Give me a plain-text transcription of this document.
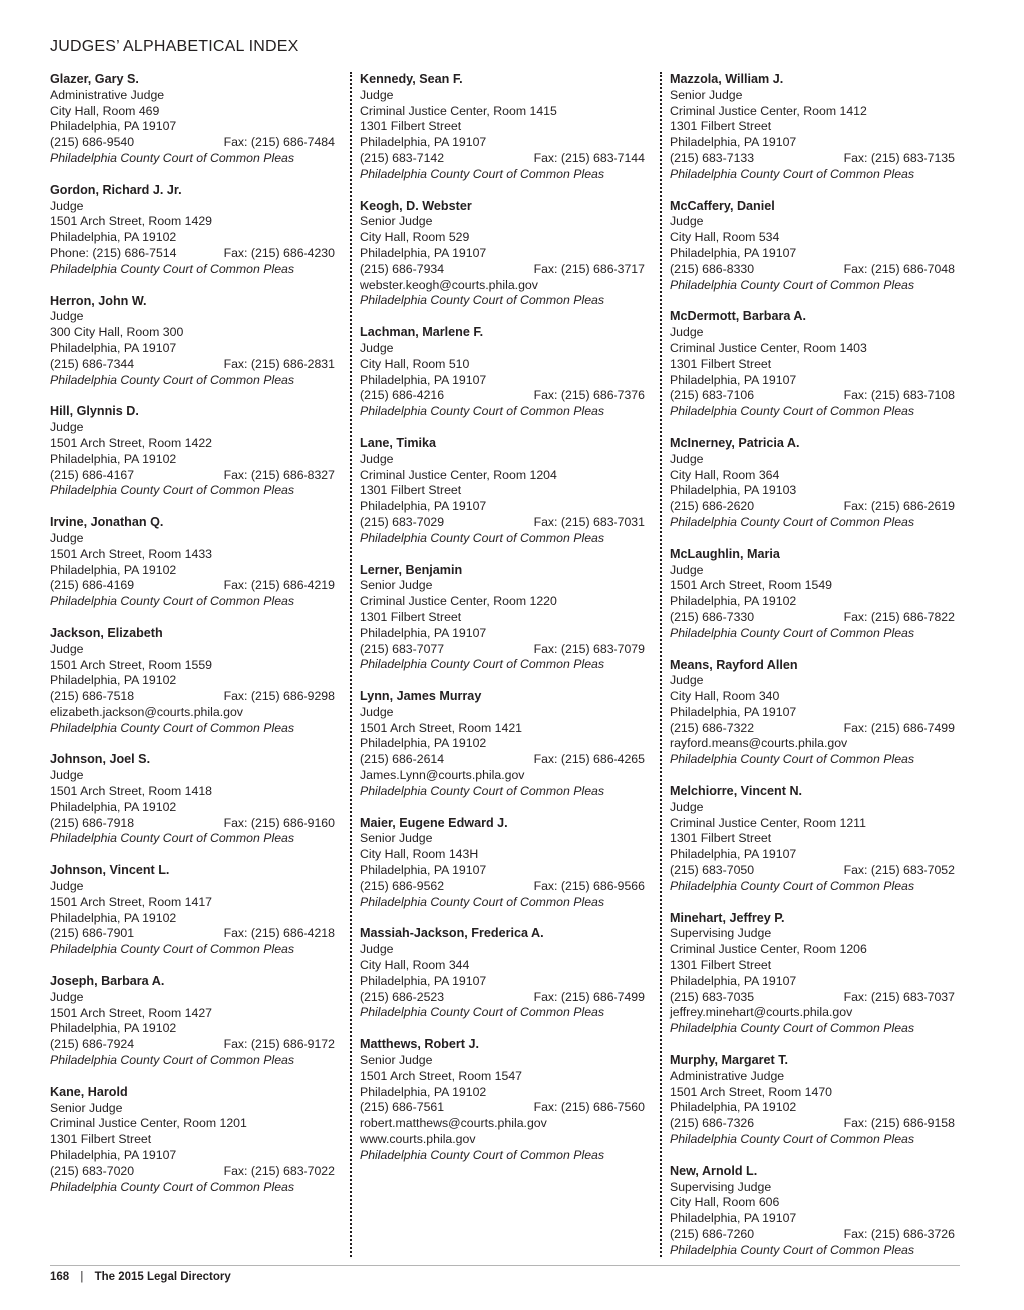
JUDGES’ ALPHABETICAL INDEX
Glazer, Gary S.
Administrative Judge
City Hall, Room 469
Philadelphia, PA 19107
(215) 686-9540	Fax: (215) 686-7484
Philadelphia County Court of Common Pleas
Gordon, Richard J. Jr.
Judge
1501 Arch Street, Room 1429
Philadelphia, PA 19102
Phone: (215) 686-7514	Fax: (215) 686-4230
Philadelphia County Court of Common Pleas
Herron, John W.
Judge
300 City Hall, Room 300
Philadelphia, PA 19107
(215) 686-7344	Fax: (215) 686-2831
Philadelphia County Court of Common Pleas
Hill, Glynnis D.
Judge
1501 Arch Street, Room 1422
Philadelphia, PA 19102
(215) 686-4167	Fax: (215) 686-8327
Philadelphia County Court of Common Pleas
Irvine, Jonathan Q.
Judge
1501 Arch Street, Room 1433
Philadelphia, PA 19102
(215) 686-4169	Fax: (215) 686-4219
Philadelphia County Court of Common Pleas
Jackson, Elizabeth
Judge
1501 Arch Street, Room 1559
Philadelphia, PA 19102
(215) 686-7518	Fax: (215) 686-9298
elizabeth.jackson@courts.phila.gov
Philadelphia County Court of Common Pleas
Johnson, Joel S.
Judge
1501 Arch Street, Room 1418
Philadelphia, PA 19102
(215) 686-7918	Fax: (215) 686-9160
Philadelphia County Court of Common Pleas
Johnson, Vincent L.
Judge
1501 Arch Street, Room 1417
Philadelphia, PA 19102
(215) 686-7901	Fax: (215) 686-4218
Philadelphia County Court of Common Pleas
Joseph, Barbara A.
Judge
1501 Arch Street, Room 1427
Philadelphia, PA 19102
(215) 686-7924	Fax: (215) 686-9172
Philadelphia County Court of Common Pleas
Kane, Harold
Senior Judge
Criminal Justice Center, Room 1201
1301 Filbert Street
Philadelphia, PA 19107
(215) 683-7020	Fax: (215) 683-7022
Philadelphia County Court of Common Pleas
Kennedy, Sean F.
Judge
Criminal Justice Center, Room 1415
1301 Filbert Street
Philadelphia, PA 19107
(215) 683-7142	Fax: (215) 683-7144
Philadelphia County Court of Common Pleas
Keogh, D. Webster
Senior Judge
City Hall, Room 529
Philadelphia, PA 19107
(215) 686-7934	Fax: (215) 686-3717
webster.keogh@courts.phila.gov
Philadelphia County Court of Common Pleas
Lachman, Marlene F.
Judge
City Hall, Room 510
Philadelphia, PA 19107
(215) 686-4216	Fax: (215) 686-7376
Philadelphia County Court of Common Pleas
Lane, Timika
Judge
Criminal Justice Center, Room 1204
1301 Filbert Street
Philadelphia, PA 19107
(215) 683-7029	Fax: (215) 683-7031
Philadelphia County Court of Common Pleas
Lerner, Benjamin
Senior Judge
Criminal Justice Center, Room 1220
1301 Filbert Street
Philadelphia, PA 19107
(215) 683-7077	Fax: (215) 683-7079
Philadelphia County Court of Common Pleas
Lynn, James Murray
Judge
1501 Arch Street, Room 1421
Philadelphia, PA 19102
(215) 686-2614	Fax: (215) 686-4265
James.Lynn@courts.phila.gov
Philadelphia County Court of Common Pleas
Maier, Eugene Edward J.
Senior Judge
City Hall, Room 143H
Philadelphia, PA 19107
(215) 686-9562	Fax: (215) 686-9566
Philadelphia County Court of Common Pleas
Massiah-Jackson, Frederica A.
Judge
City Hall, Room 344
Philadelphia, PA 19107
(215) 686-2523	Fax: (215) 686-7499
Philadelphia County Court of Common Pleas
Matthews, Robert J.
Senior Judge
1501 Arch Street, Room 1547
Philadelphia, PA 19102
(215) 686-7561	Fax: (215) 686-7560
robert.matthews@courts.phila.gov
www.courts.phila.gov
Philadelphia County Court of Common Pleas
Mazzola, William J.
Senior Judge
Criminal Justice Center, Room 1412
1301 Filbert Street
Philadelphia, PA 19107
(215) 683-7133	Fax: (215) 683-7135
Philadelphia County Court of Common Pleas
McCaffery, Daniel
Judge
City Hall, Room 534
Philadelphia, PA 19107
(215) 686-8330	Fax: (215) 686-7048
Philadelphia County Court of Common Pleas
McDermott, Barbara A.
Judge
Criminal Justice Center, Room 1403
1301 Filbert Street
Philadelphia, PA 19107
(215) 683-7106	Fax: (215) 683-7108
Philadelphia County Court of Common Pleas
McInerney, Patricia A.
Judge
City Hall, Room 364
Philadelphia, PA 19103
(215) 686-2620	Fax: (215) 686-2619
Philadelphia County Court of Common Pleas
McLaughlin, Maria
Judge
1501 Arch Street, Room 1549
Philadelphia, PA 19102
(215) 686-7330	Fax: (215) 686-7822
Philadelphia County Court of Common Pleas
Means, Rayford Allen
Judge
City Hall, Room 340
Philadelphia, PA 19107
(215) 686-7322	Fax: (215) 686-7499
rayford.means@courts.phila.gov
Philadelphia County Court of Common Pleas
Melchiorre, Vincent N.
Judge
Criminal Justice Center, Room 1211
1301 Filbert Street
Philadelphia, PA 19107
(215) 683-7050	Fax: (215) 683-7052
Philadelphia County Court of Common Pleas
Minehart, Jeffrey P.
Supervising Judge
Criminal Justice Center, Room 1206
1301 Filbert Street
Philadelphia, PA 19107
(215) 683-7035	Fax: (215) 683-7037
jeffrey.minehart@courts.phila.gov
Philadelphia County Court of Common Pleas
Murphy, Margaret T.
Administrative Judge
1501 Arch Street, Room 1470
Philadelphia, PA 19102
(215) 686-7326	Fax: (215) 686-9158
Philadelphia County Court of Common Pleas
New, Arnold L.
Supervising Judge
City Hall, Room 606
Philadelphia, PA 19107
(215) 686-7260	Fax: (215) 686-3726
Philadelphia County Court of Common Pleas
168 | The 2015 Legal Directory
